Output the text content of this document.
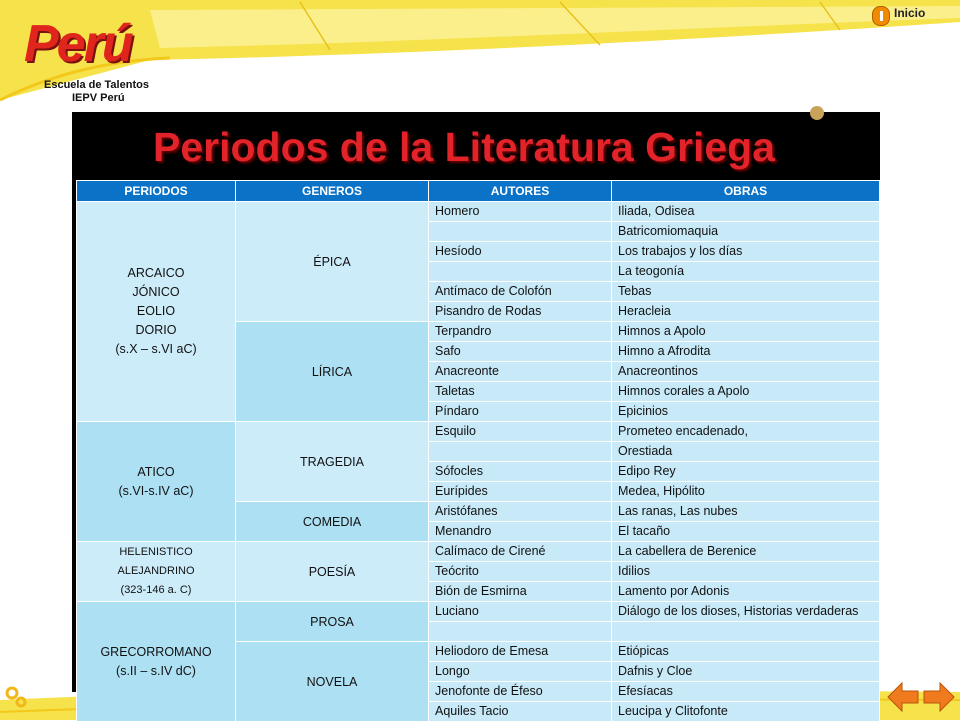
Perú
Escuela de Talentos
IEPV Perú
Inicio
Periodos de la Literatura Griega
PERIODOS	GENEROS	AUTORES	OBRAS

ARCAICO
JÓNICO
EOLIO
DORIO
(s.X – s.VI aC)	ÉPICA	Homero	Iliada, Odisea
			Batricomiomaquia
		Hesíodo	Los trabajos y los días
			La teogonía
		Antímaco de Colofón	Tebas
		Pisandro de Rodas	Heracleia
	LÍRICA	Terpandro	Himnos a Apolo
		Safo	Himno a Afrodita
		Anacreonte	Anacreontinos
		Taletas	Himnos corales a Apolo
		Píndaro	Epicinios

ATICO
(s.VI-s.IV aC)	TRAGEDIA	Esquilo	Prometeo encadenado,
			Orestiada
		Sófocles	Edipo Rey
		Eurípides	Medea, Hipólito
	COMEDIA	Aristófanes	Las ranas, Las nubes
		Menandro	El tacaño

HELENISTICO
ALEJANDRINO
(323-146 a. C)	POESÍA	Calímaco de Cirené	La cabellera de Berenice
		Teócrito	Idilios
		Bión de Esmirna	Lamento por Adonis

GRECORROMANO
(s.II – s.IV dC)	PROSA	Luciano	Diálogo de los dioses, Historias verdaderas

	NOVELA	Heliodoro de Emesa	Etiópicas
		Longo	Dafnis y Cloe
		Jenofonte de Éfeso	Efesíacas
		Aquiles Tacio	Leucipa y Clitofonte
